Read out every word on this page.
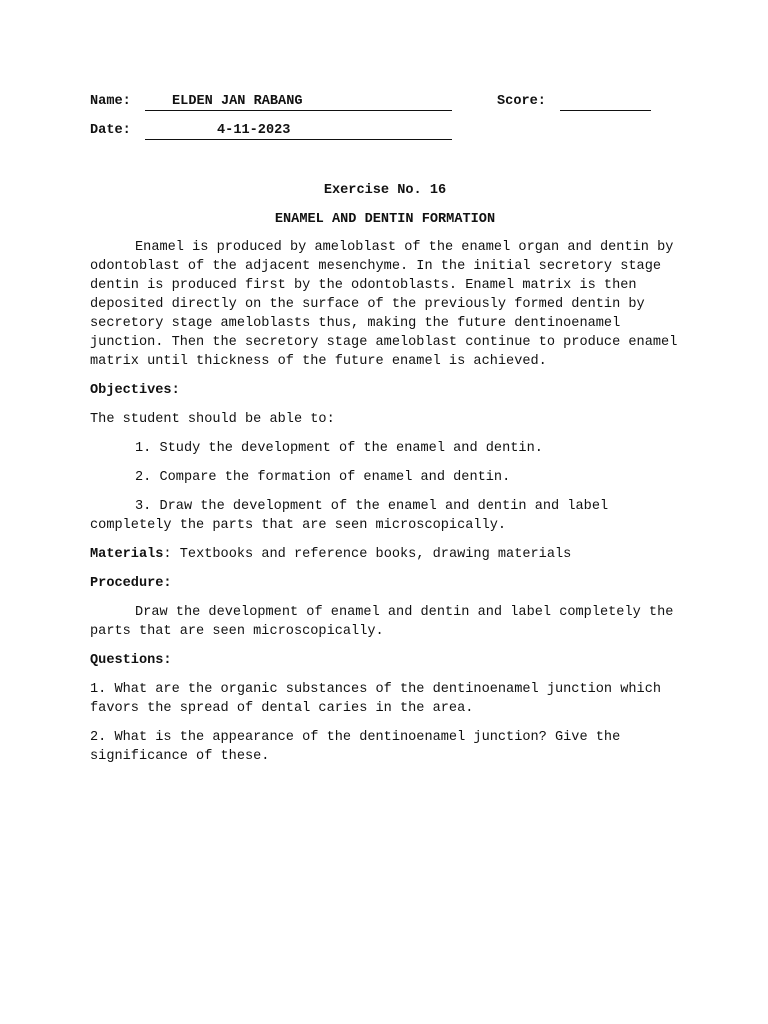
Name:	ELDEN JAN RABANG	Score:
Date:	4-11-2023

Exercise No. 16

ENAMEL AND DENTIN FORMATION

Enamel is produced by ameloblast of the enamel organ and dentin by odontoblast of the adjacent mesenchyme. In the initial secretory stage dentin is produced first by the odontoblasts. Enamel matrix is then deposited directly on the surface of the previously formed dentin by secretory stage ameloblasts thus, making the future dentinoenamel junction. Then the secretory stage ameloblast continue to produce enamel matrix until thickness of the future enamel is achieved.

Objectives:

The student should be able to:

1. Study the development of the enamel and dentin.

2. Compare the formation of enamel and dentin.

3. Draw the development of the enamel and dentin and label completely the parts that are seen microscopically.

Materials: Textbooks and reference books, drawing materials

Procedure:

Draw the development of enamel and dentin and label completely the parts that are seen microscopically.

Questions:

1. What are the organic substances of the dentinoenamel junction which favors the spread of dental caries in the area.

2. What is the appearance of the dentinoenamel junction? Give the significance of these.
